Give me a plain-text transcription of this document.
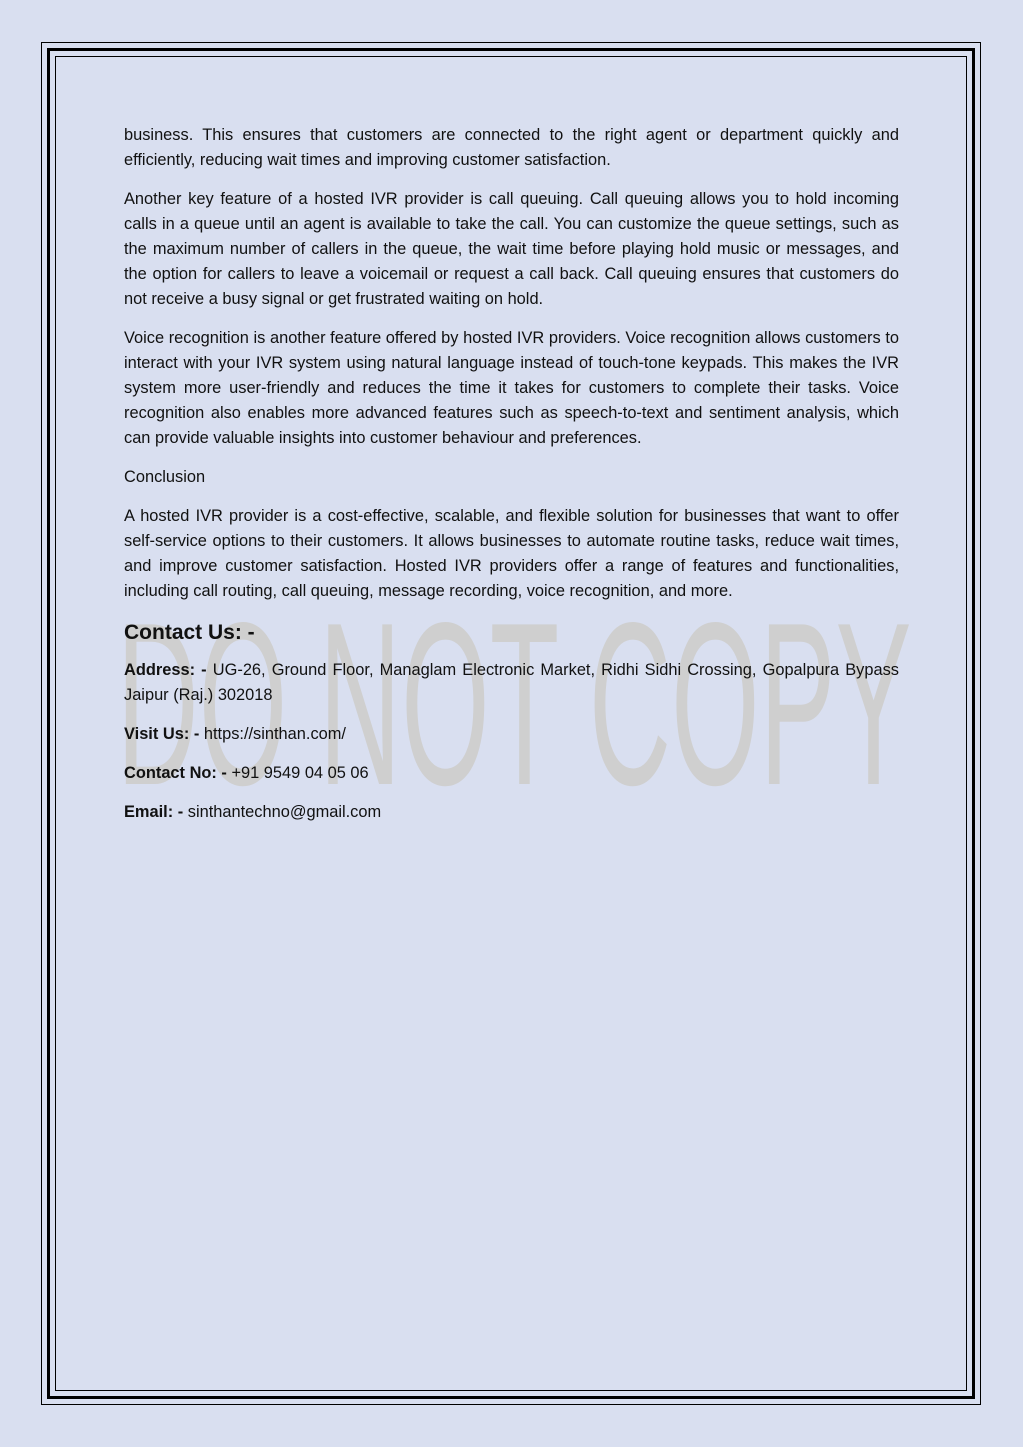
DO NOT COPY

business. This ensures that customers are connected to the right agent or department quickly and efficiently, reducing wait times and improving customer satisfaction.

Another key feature of a hosted IVR provider is call queuing. Call queuing allows you to hold incoming calls in a queue until an agent is available to take the call. You can customize the queue settings, such as the maximum number of callers in the queue, the wait time before playing hold music or messages, and the option for callers to leave a voicemail or request a call back. Call queuing ensures that customers do not receive a busy signal or get frustrated waiting on hold.

Voice recognition is another feature offered by hosted IVR providers. Voice recognition allows customers to interact with your IVR system using natural language instead of touch-tone keypads. This makes the IVR system more user-friendly and reduces the time it takes for customers to complete their tasks. Voice recognition also enables more advanced features such as speech-to-text and sentiment analysis, which can provide valuable insights into customer behaviour and preferences.

Conclusion

A hosted IVR provider is a cost-effective, scalable, and flexible solution for businesses that want to offer self-service options to their customers. It allows businesses to automate routine tasks, reduce wait times, and improve customer satisfaction. Hosted IVR providers offer a range of features and functionalities, including call routing, call queuing, message recording, voice recognition, and more.

Contact Us: -

Address: - UG-26, Ground Floor, Managlam Electronic Market, Ridhi Sidhi Crossing, Gopalpura Bypass Jaipur (Raj.) 302018

Visit Us: - https://sinthan.com/

Contact No: - +91 9549 04 05 06

Email: - sinthantechno@gmail.com
